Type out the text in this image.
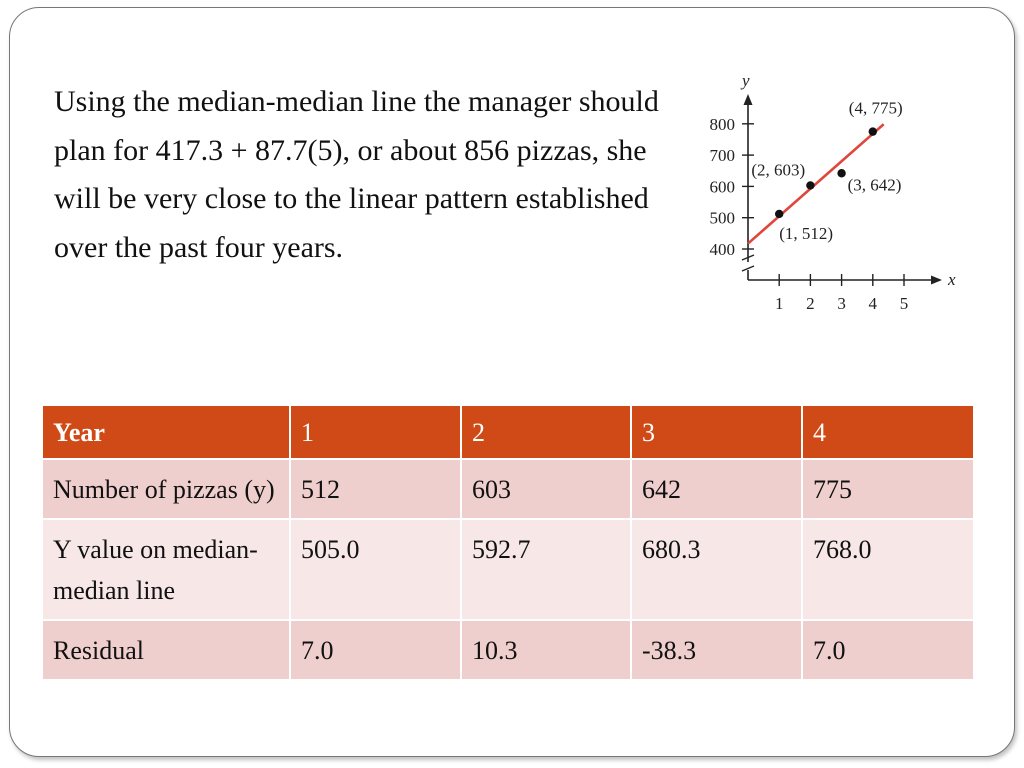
Using the median-median line the manager should plan for 417.3 + 87.7(5), or about 856 pizzas, she will be very close to the linear pattern established over the past four years.	400
500
600
700
800
1 2 3 4 5
(1, 512)
(2, 603)
(3, 642)
(4, 775)
x
y
Year	1	2	3	4
Number of pizzas (y)	512	603	642	775
Y value on median-median line	505.0	592.7	680.3	768.0
Residual	7.0	10.3	-38.3	7.0
